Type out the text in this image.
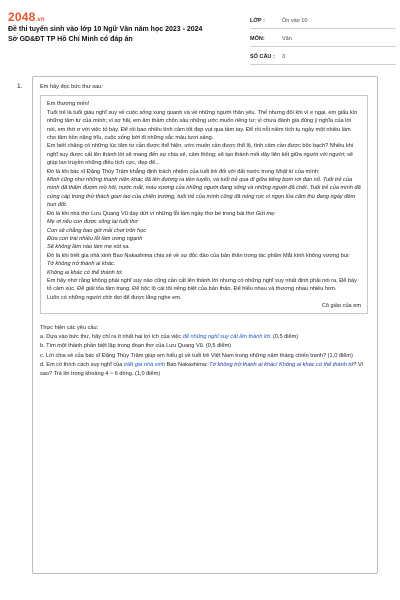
2048.vn
Đề thi tuyển sinh vào lớp 10 Ngữ Văn năm học 2023 - 2024
Sở GD&ĐT TP Hồ Chí Minh có đáp án
LỚP :	Ôn vào 10
MÔN:	Văn
SỐ CÂU :	3
1.	Em hãy đọc bức thư sau:

Em thương mến!

Tuổi trẻ là tuổi giàu nghĩ suy về cuộc sống xung quanh và về những người thân yêu. Thế nhưng đôi khi vì e ngại, em giấu kín những tâm tư của mình; vì sợ hãi, em âm thầm chôn sâu những ước muốn riêng tư; vì chưa đánh giá đúng ý nghĩa của lời nói, em thờ ơ với việc tỏ bày. Để rồi bao nhiêu tình cảm tốt đẹp vụt qua tầm tay. Để rồi nỗi niềm tích tụ ngày một nhiều làm cho tâm hồn nặng trĩu, cuộc sống bớt đi những sắc màu tươi sáng.

Em biết chăng có những lúc tâm tư cần được thể hiện, ước muốn cần được thổ lộ, tình cảm cần được bộc bạch? Nhiều khi nghĩ suy được cất lên thành lời sẽ mang đến sự chia sẻ, cảm thông; sẽ tạo thành mối dây liên kết giữa người với người; sẽ giúp lan truyền những điều tích cực, đẹp đẽ...

Đó là khi bác sĩ Đặng Thùy Trâm khẳng định trách nhiệm của tuổi trẻ đối với đất nước trong Nhật kí của mình:

Mình cũng như những thanh niên khác đã lên đường ra tiền tuyến, và tuổi trẻ qua đi giữa tiếng bom rơi đạn nổ. Tuổi trẻ của mình đã thấm đượm mồ hôi, nước mắt, máu xương của những người đang sống và những người đã chết. Tuổi trẻ của mình đã cứng cáp trong thử thách gian lao của chiến trường, tuổi trẻ của mình cũng đã nóng rực vì ngọn lửa căm thù đang ngày đêm hun đốt.

Đó là khi nhà thơ Lưu Quang Vũ day dứt vì những lỗi lầm ngày thơ bé trong bài thơ Gửi mẹ:

Mẹ ơi nếu con được sống lại tuổi thơ

Con sẽ chẳng bao giờ mải chơi trốn học

Đừa con trai nhiều lỗi lầm ương ngạnh

Sẽ không làm nào làm mẹ xót xa.

Đó là khi triết gia nhà xinh Bao Nakashima chia sẻ về sự độc đáo của bản thân trong tác phẩm Mắt kính không vương bụi:

Tớ không trở thành ai khác.

Không ai khác có thể thành tớ.

Em hãy nhớ rằng không phải nghĩ suy nào cũng cần cất lên thành lời nhưng có những nghĩ suy nhất định phải nói ra. Để bày tỏ cảm xúc. Để giải tỏa tâm trạng. Để bộc lộ cái tôi riêng biệt của bản thân. Để hiểu nhau và thương nhau nhiều hơn.

Luôn có những người chờ đợi để được lắng nghe em.

Cô giáo của em

Thực hiện các yêu cầu:

a. Dựa vào bức thư, hãy chỉ ra ít nhất hai lợi ích của việc để những nghĩ suy cất lên thành lời. (0,5 điểm)

b. Tìm một thành phần biệt lập trong đoạn thơ của Lưu Quang Vũ. (0,5 điểm)

c. Lời chia sẻ của bác sĩ Đặng Thùy Trâm giúp em hiểu gì về tuổi trẻ Việt Nam trong những năm tháng chiến tranh? (1,0 điểm)

d. Em có thích cách suy nghĩ của triết gia nhà xinh Bao Nakashima: Tớ không trở thành ai khác/ Không ai khác có thể thành tớ? Vì sao? Trả lời trong khoảng 4 ~ 6 dòng. (1,0 điểm)
